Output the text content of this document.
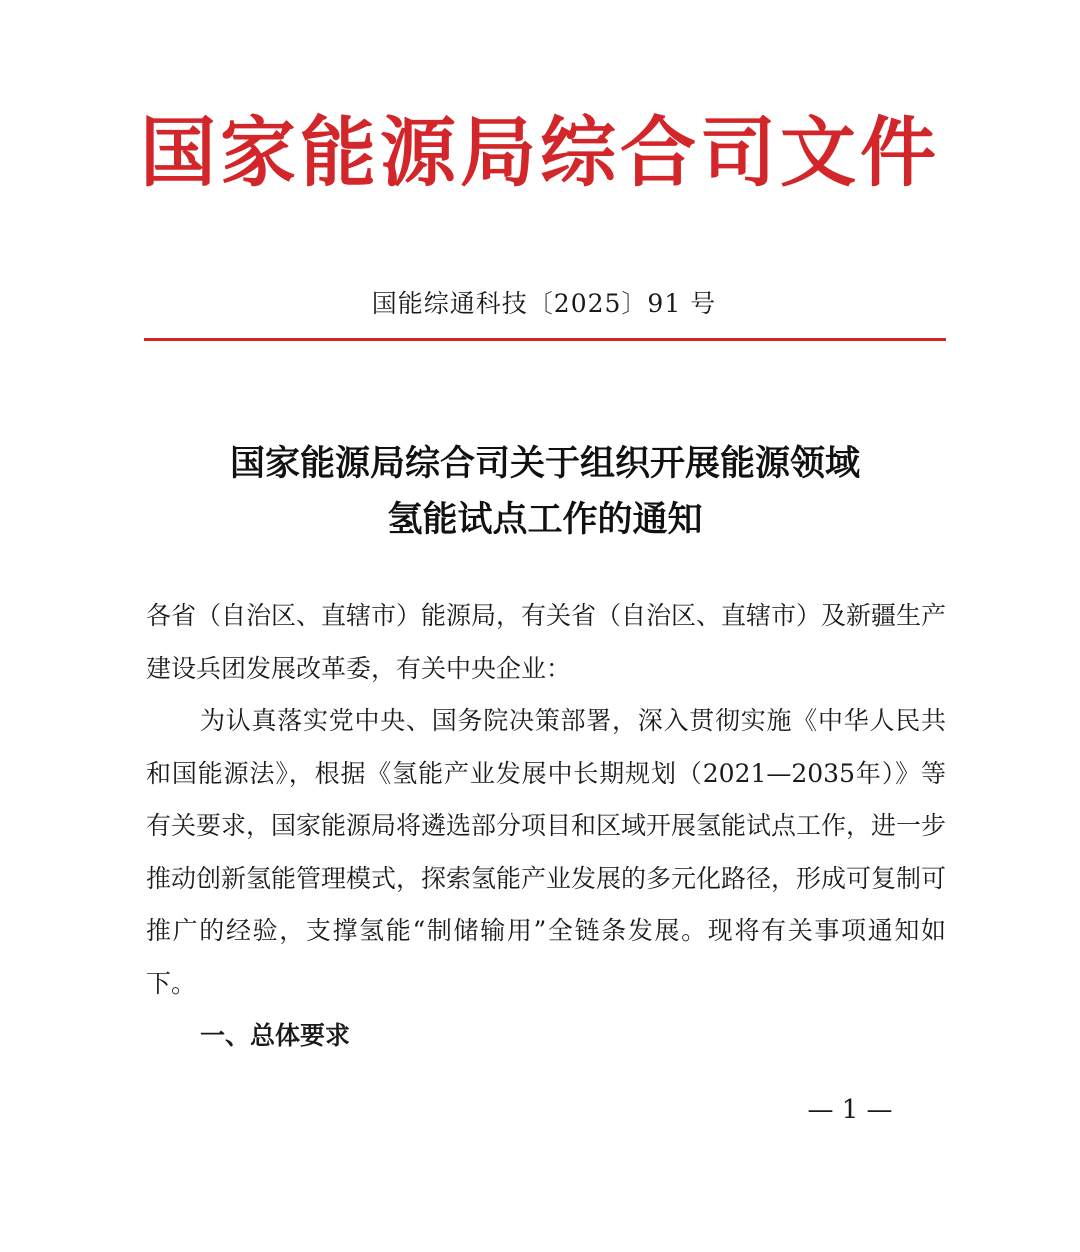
国家能源局综合司文件
国能综通科技〔2025〕91 号
国家能源局综合司关于组织开展能源领域
氢能试点工作的通知

各省（自治区、直辖市）能源局，有关省（自治区、直辖市）及新疆生产建设兵团发展改革委，有关中央企业：

为认真落实党中央、国务院决策部署，深入贯彻实施《中华人民共和国能源法》，根据《氢能产业发展中长期规划（2021—2035年）》等有关要求，国家能源局将遴选部分项目和区域开展氢能试点工作，进一步推动创新氢能管理模式，探索氢能产业发展的多元化路径，形成可复制可推广的经验，支撑氢能“制储输用”全链条发展。现将有关事项通知如下。

一、总体要求

— 1 —
